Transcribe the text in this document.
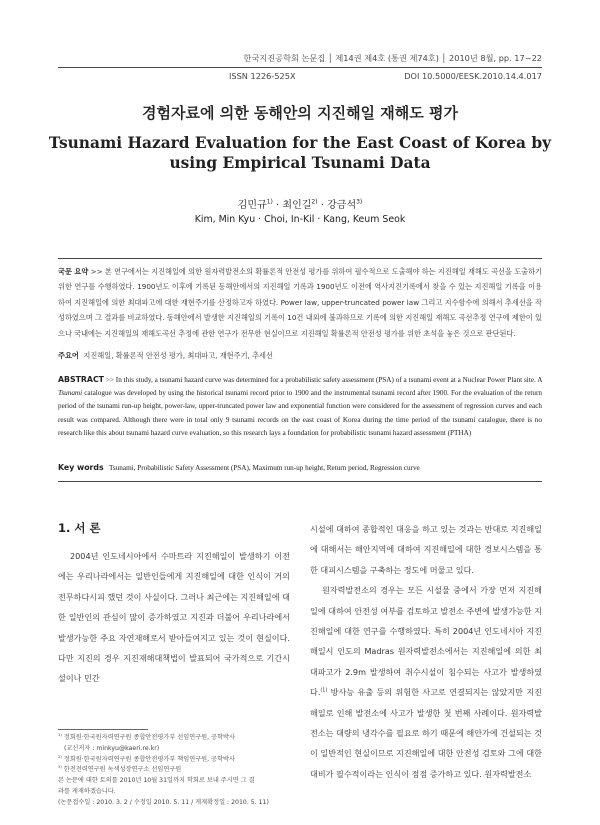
한국지진공학회 논문집 │ 제14권 제4호 (통권 제74호) │ 2010년 8월, pp. 17~22
ISSN 1226-525X	DOI 10.5000/EESK.2010.14.4.017
경험자료에 의한 동해안의 지진해일 재해도 평가
Tsunami Hazard Evaluation for the East Coast of Korea by
using Empirical Tsunami Data
김민규$^{1)}$ · 최인길$^{2)}$ · 강금석$^{3)}$
Kim, Min Kyu · Choi, In-Kil · Kang, Keum Seok
국문 요약 >> 본 연구에서는 지진해일에 의한 원자력발전소의 확률론적 안전성 평가를 위하여 필수적으로 도출해야 하는 지진해일 재해도 곡선을 도출하기 위한 연구를 수행하였다. 1900년도 이후에 기록된 동해안에서의 지진해일 기록과 1900년도 이전에 역사지진기록에서 찾을 수 있는 지진해일 기록을 이용하여 지진해일에 의한 최대파고에 대한 재현주기를 산정하고자 하였다. Power law, upper-truncated power law 그리고 지수함수에 의해서 추세선을 작성하였으며 그 결과를 비교하였다. 동해안에서 발생한 지진해일의 기록이 10건 내외에 불과하므로 기록에 의한 지진해일 재해도 곡선추정 연구에 제한이 있으나 국내에는 지진해일의 재해도곡선 추정에 관한 연구가 전무한 현실이므로 지진해일 확률론적 안전성 평가를 위한 초석을 놓은 것으로 판단된다.
주요어 지진해일, 확률론적 안전성 평가, 최대파고, 재현주기, 추세선
ABSTRACT >> In this study, a tsunami hazard curve was determined for a probabilistic safety assessment (PSA) of a tsunami event at a Nuclear Power Plant site. A Tsunami catalogue was developed by using the historical tsunami record prior to 1900 and the instrumental tsunami record after 1900. For the evaluation of the return period of the tsunami run-up height, power-law, upper-truncated power law and exponential function were considered for the assessment of regression curves and each result was compared. Although there were in total only 9 tsunami records on the east coast of Korea during the time period of the tsunami catalogue, there is no research like this about tsunami hazard curve evaluation, so this research lays a foundation for probabilistic tsunami hazard assessment (PTHA)
Key words Tsunami, Probabilistic Safety Assessment (PSA), Maximum run-up height, Return period, Regression curve
1. 서 론

2004년 인도네시아에서 수마트라 지진해일이 발생하기 이전에는 우리나라에서는 일반인들에게 지진해일에 대한 인식이 거의 전무하다시피 했던 것이 사실이다. 그러나 최근에는 지진해일에 대한 일반인의 관심이 많이 증가하였고 지진과 더불어 우리나라에서 발생가능한 주요 자연재해로서 받아들여지고 있는 것이 현실이다. 다만 지진의 경우 지진재해대책법이 발표되어 국가적으로 기간시설이나 민간

$^{1)}$ 정회원·한국원자력연구원 종합안전평가부 선임연구원, 공학박사
(교신저자 : minkyu@kaeri.re.kr)
$^{2)}$ 정회원·한국원자력연구원 종합안전평가부 책임연구원, 공학박사
$^{3)}$ 한전전력연구원 녹색성장연구소 선임연구원
본 논문에 대한 토의를 2010년 10월 31일까지 학회로 보내 주시면 그 결
과를 게재하겠습니다.
(논문접수일 : 2010. 3. 2 / 수정일 2010. 5. 11 / 게재확정일 : 2010. 5. 11)

시설에 대하여 종합적인 대응을 하고 있는 것과는 반대로 지진해일에 대해서는 해안지역에 대하여 지진해일에 대한 경보시스템을 통한 대피시스템을 구축하는 정도에 머물고 있다.

원자력발전소의 경우는 모든 시설물 중에서 가장 먼저 지진해일에 대하여 안전성 여부를 검토하고 발전소 주변에 발생가능한 지진해일에 대한 연구를 수행하였다. 특히 2004년 인도네시아 지진해일시 인도의 Madras 원자력발전소에서는 지진해일에 의한 최대파고가 2.9m 발생하여 취수시설이 침수되는 사고가 발생하였다.$^{(1)}$ 방사능 유출 등의 위험한 사고로 연결되지는 않았지만 지진해일로 인해 발전소에 사고가 발생한 첫 번째 사례이다. 원자력발전소는 대량의 냉각수를 필요로 하기 때문에 해안가에 건설되는 것이 일반적인 현실이므로 지진해일에 대한 안전성 검토와 그에 대한 대비가 필수적이라는 인식이 점점 증가하고 있다. 원자력발전소
